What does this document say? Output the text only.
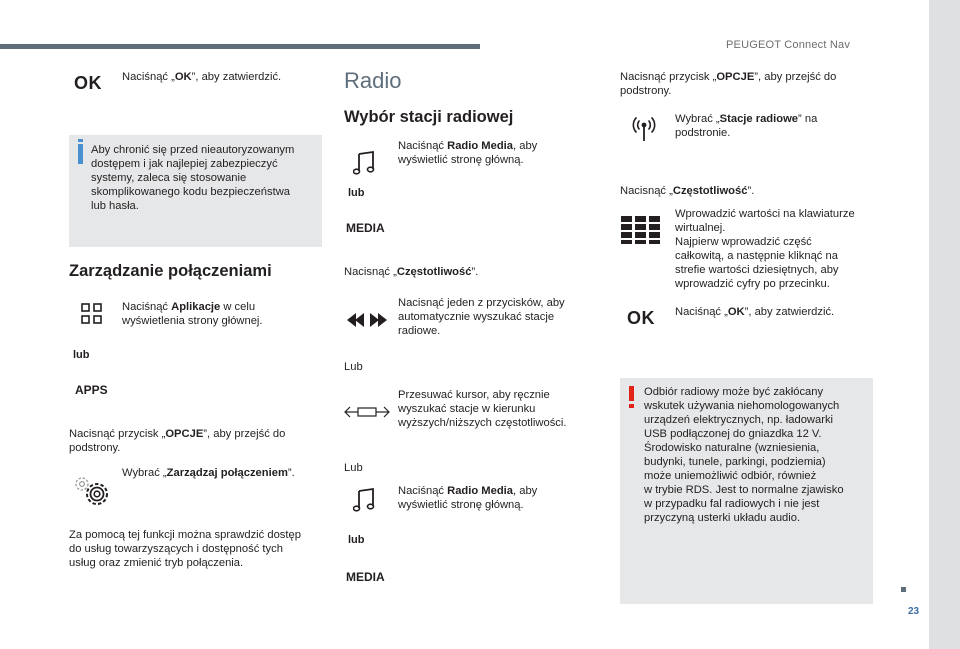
PEUGEOT Connect Nav
23
OK Naciśnąć „OK”, aby zatwierdzić.
Aby chronić się przed nieautoryzowanym
dostępem i jak najlepiej zabezpieczyć
systemy, zaleca się stosowanie
skomplikowanego kodu bezpieczeństwa
lub hasła.
Zarządzanie połączeniami
Naciśnąć Aplikacje w celu
wyświetlenia strony głównej.
lub
APPS
Nacisnąć przycisk „OPCJE”, aby przejść do
podstrony.
Wybrać „Zarządzaj połączeniem”.
Za pomocą tej funkcji można sprawdzić dostęp
do usług towarzyszących i dostępność tych
usług oraz zmienić tryb połączenia.
Radio
Wybór stacji radiowej
Naciśnąć Radio Media, aby
wyświetlić stronę główną.
lub
MEDIA
Nacisnąć „Częstotliwość”.
Nacisnąć jeden z przycisków, aby
automatycznie wyszukać stacje
radiowe.
Lub
Przesuwać kursor, aby ręcznie
wyszukać stacje w kierunku
wyższych/niższych częstotliwości.
Lub
Naciśnąć Radio Media, aby
wyświetlić stronę główną.
lub
MEDIA
Nacisnąć przycisk „OPCJE”, aby przejść do
podstrony.
Wybrać „Stacje radiowe” na
podstronie.
Nacisnąć „Częstotliwość”.
Wprowadzić wartości na klawiaturze
wirtualnej.
Najpierw wprowadzić część
całkowitą, a następnie kliknąć na
strefie wartości dziesiętnych, aby
wprowadzić cyfry po przecinku.
OK Naciśnąć „OK”, aby zatwierdzić.
Odbiór radiowy może być zakłócany
wskutek używania niehomologowanych
urządzeń elektrycznych, np. ładowarki
USB podłączonej do gniazdka 12 V.
Środowisko naturalne (wzniesienia,
budynki, tunele, parkingi, podziemia)
może uniemożliwić odbiór, również
w trybie RDS. Jest to normalne zjawisko
w przypadku fal radiowych i nie jest
przyczyną usterki układu audio.
